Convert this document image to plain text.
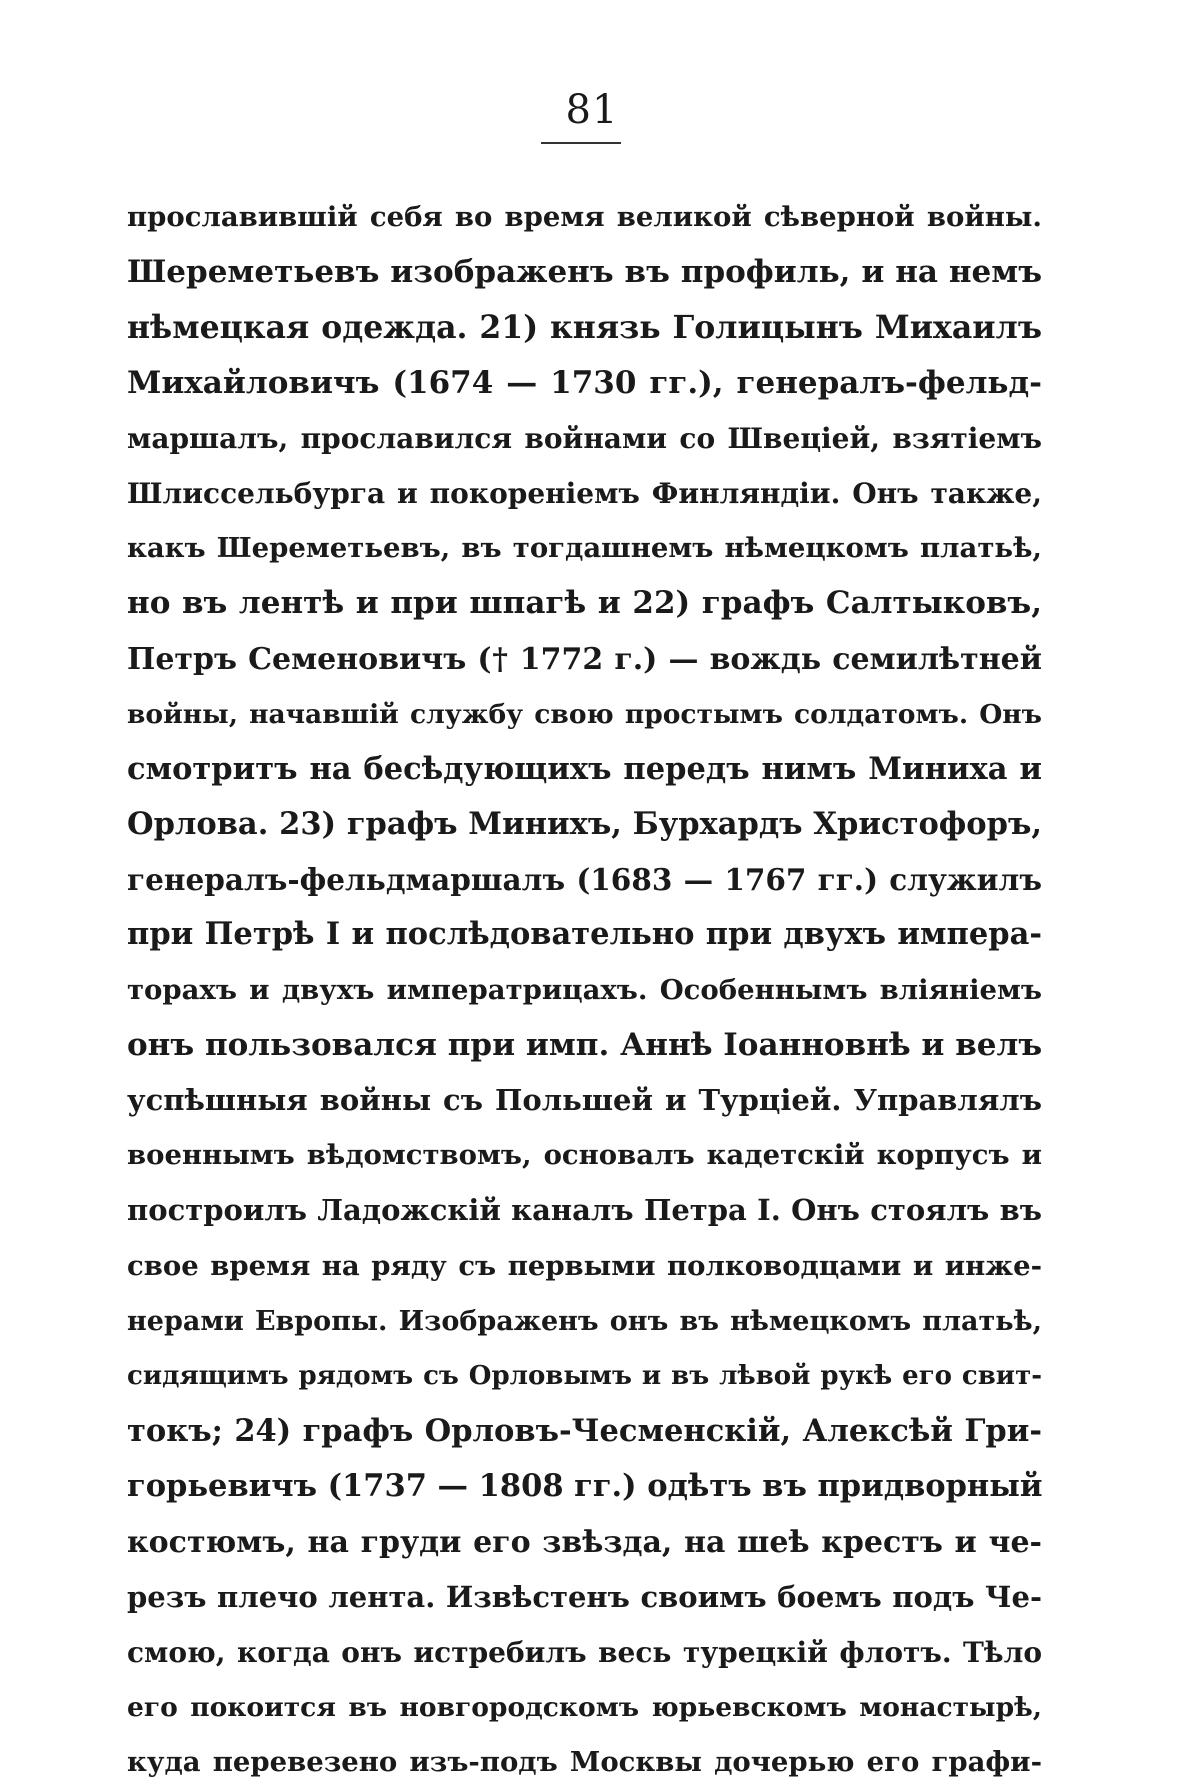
81
прославившій себя во время великой сѣверной войны.
Шереметьевъ изображенъ въ профиль, и на немъ
нѣмецкая одежда. 21) князь Голицынъ Михаилъ
Михайловичъ (1674 — 1730 гг.), генералъ-фельд-
маршалъ, прославился войнами со Швеціей, взятіемъ
Шлиссельбурга и покореніемъ Финляндіи. Онъ также,
какъ Шереметьевъ, въ тогдашнемъ нѣмецкомъ платьѣ,
но въ лентѣ и при шпагѣ и 22) графъ Салтыковъ,
Петръ Семеновичъ († 1772 г.) — вождь семилѣтней
войны, начавшій службу свою простымъ солдатомъ. Онъ
смотритъ на бесѣдующихъ передъ нимъ Миниха и
Орлова. 23) графъ Минихъ, Бурхардъ Христофоръ,
генералъ-фельдмаршалъ (1683 — 1767 гг.) служилъ
при Петрѣ I и послѣдовательно при двухъ импера-
торахъ и двухъ императрицахъ. Особеннымъ вліяніемъ
онъ пользовался при имп. Аннѣ Іоанновнѣ и велъ
успѣшныя войны съ Польшей и Турціей. Управлялъ
военнымъ вѣдомствомъ, основалъ кадетскій корпусъ и
построилъ Ладожскій каналъ Петра I. Онъ стоялъ въ
свое время на ряду съ первыми полководцами и инже-
нерами Европы. Изображенъ онъ въ нѣмецкомъ платьѣ,
сидящимъ рядомъ съ Орловымъ и въ лѣвой рукѣ его свит-
токъ; 24) графъ Орловъ-Чесменскій, Алексѣй Гри-
горьевичъ (1737 — 1808 гг.) одѣтъ въ придворный
костюмъ, на груди его звѣзда, на шеѣ крестъ и че-
резъ плечо лента. Извѣстенъ своимъ боемъ подъ Че-
смою, когда онъ истребилъ весь турецкій флотъ. Тѣло
его покоится въ новгородскомъ юрьевскомъ монастырѣ,
куда перевезено изъ-подъ Москвы дочерью его графи-
